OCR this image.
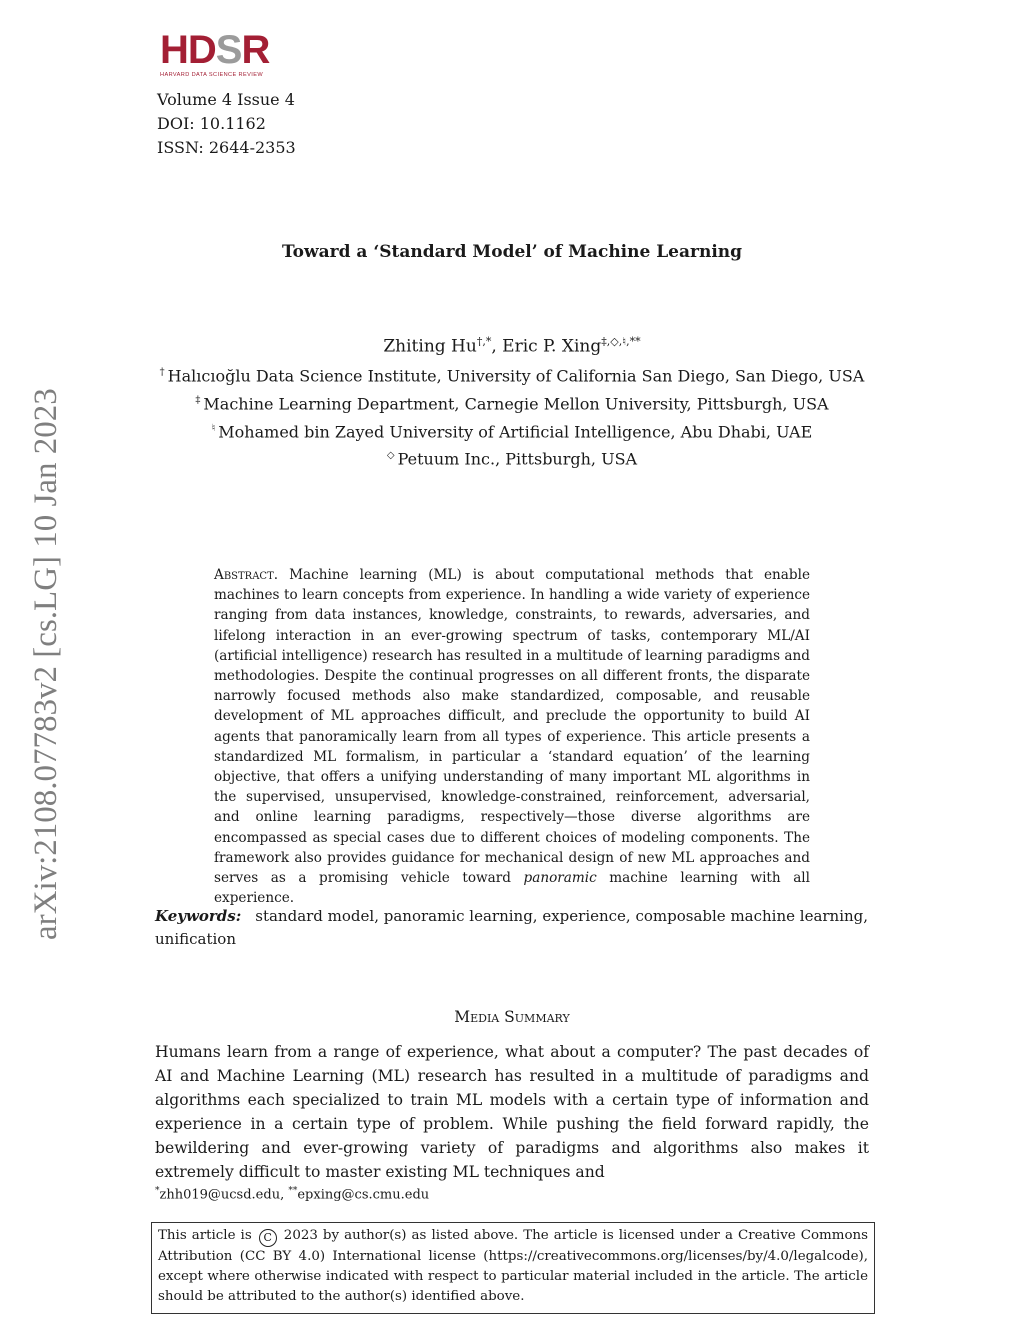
HDSR
HARVARD DATA SCIENCE REVIEW
Volume 4 Issue 4
DOI: 10.1162
ISSN: 2644-2353
arXiv:2108.07783v2 [cs.LG] 10 Jan 2023
Toward a ‘Standard Model’ of Machine Learning
Zhiting Hu†,*, Eric P. Xing‡,◇,♮,**
† Halıcıoğlu Data Science Institute, University of California San Diego, San Diego, USA
‡ Machine Learning Department, Carnegie Mellon University, Pittsburgh, USA
♮ Mohamed bin Zayed University of Artificial Intelligence, Abu Dhabi, UAE
◇ Petuum Inc., Pittsburgh, USA
Abstract. Machine learning (ML) is about computational methods that enable machines to learn concepts from experience. In handling a wide variety of experience ranging from data instances, knowledge, constraints, to rewards, adversaries, and lifelong interaction in an ever-growing spectrum of tasks, contemporary ML/AI (artificial intelligence) research has resulted in a multitude of learning paradigms and methodologies. Despite the continual progresses on all different fronts, the disparate narrowly focused methods also make standardized, composable, and reusable development of ML approaches difficult, and preclude the opportunity to build AI agents that panoramically learn from all types of experience. This article presents a standardized ML formalism, in particular a ‘standard equation’ of the learning objective, that offers a unifying understanding of many important ML algorithms in the supervised, unsupervised, knowledge-constrained, reinforcement, adversarial, and online learning paradigms, respectively—those diverse algorithms are encompassed as special cases due to different choices of modeling components. The framework also provides guidance for mechanical design of new ML approaches and serves as a promising vehicle toward panoramic machine learning with all experience.
Keywords: standard model, panoramic learning, experience, composable machine learning, unification
Media Summary
Humans learn from a range of experience, what about a computer? The past decades of AI and Machine Learning (ML) research has resulted in a multitude of paradigms and algorithms each specialized to train ML models with a certain type of information and experience in a certain type of problem. While pushing the field forward rapidly, the bewildering and ever-growing variety of paradigms and algorithms also makes it extremely difficult to master existing ML techniques and
*zhh019@ucsd.edu, **epxing@cs.cmu.edu
This article is C 2023 by author(s) as listed above. The article is licensed under a Creative Commons Attribution (CC BY 4.0) International license (https://creativecommons.org/licenses/by/4.0/legalcode), except where otherwise indicated with respect to particular material included in the article. The article should be attributed to the author(s) identified above.
